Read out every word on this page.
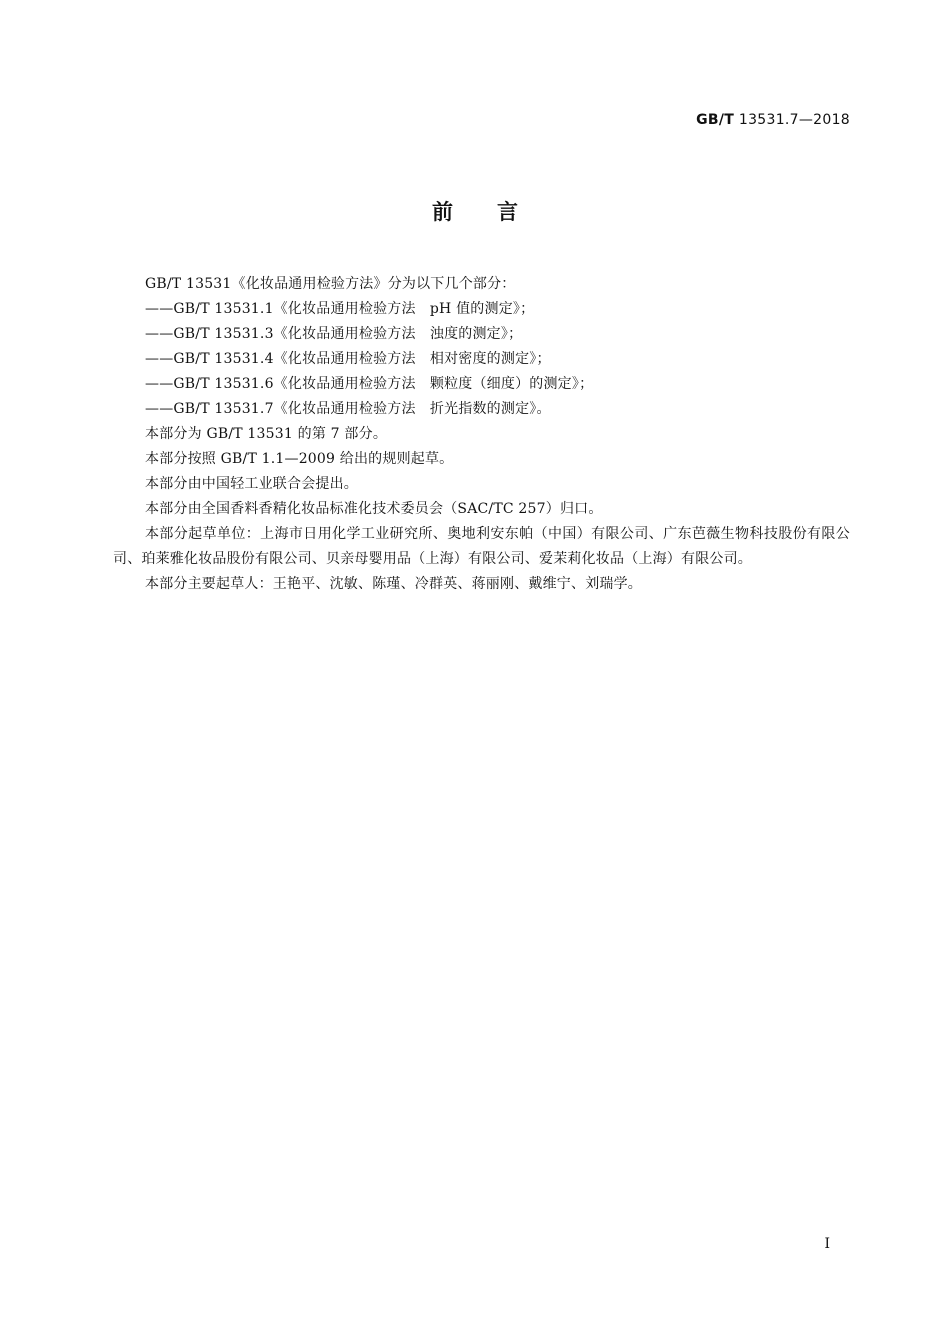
GB/T 13531.7—2018
前言

GB/T 13531《化妆品通用检验方法》分为以下几个部分：

——GB/T 13531.1《化妆品通用检验方法　pH 值的测定》；

——GB/T 13531.3《化妆品通用检验方法　浊度的测定》；

——GB/T 13531.4《化妆品通用检验方法　相对密度的测定》；

——GB/T 13531.6《化妆品通用检验方法　颗粒度（细度）的测定》；

——GB/T 13531.7《化妆品通用检验方法　折光指数的测定》。

本部分为 GB/T 13531 的第 7 部分。

本部分按照 GB/T 1.1—2009 给出的规则起草。

本部分由中国轻工业联合会提出。

本部分由全国香料香精化妆品标准化技术委员会（SAC/TC 257）归口。

本部分起草单位：上海市日用化学工业研究所、奥地利安东帕（中国）有限公司、广东芭薇生物科技股份有限公司、珀莱雅化妆品股份有限公司、贝亲母婴用品（上海）有限公司、爱茉莉化妆品（上海）有限公司。

本部分主要起草人：王艳平、沈敏、陈瑾、冷群英、蒋丽刚、戴维宁、刘瑞学。

I
